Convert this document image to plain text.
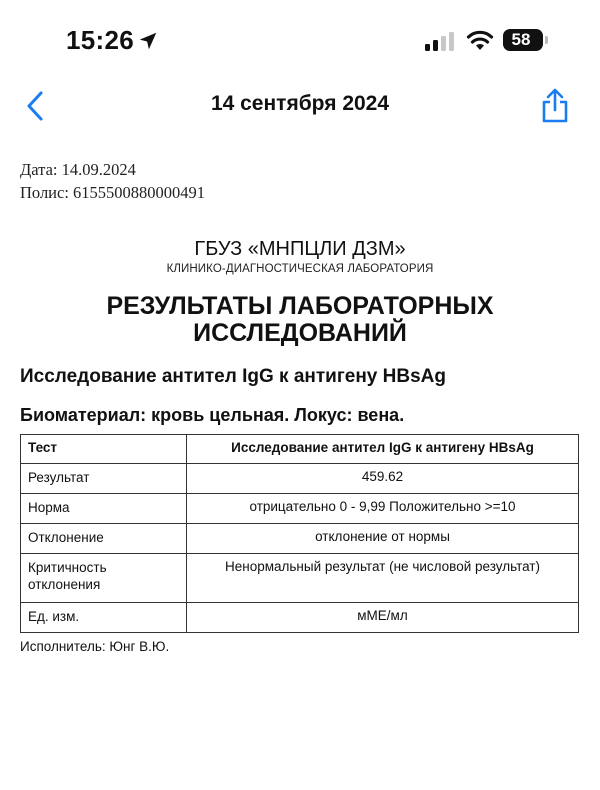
15:26	58
14 сентября 2024
Дата: 14.09.2024
Полис: 6155500880000491
ГБУЗ «МНПЦЛИ ДЗМ»
КЛИНИКО-ДИАГНОСТИЧЕСКАЯ ЛАБОРАТОРИЯ
РЕЗУЛЬТАТЫ ЛАБОРАТОРНЫХ
ИССЛЕДОВАНИЙ
Исследование антител IgG к антигену HBsAg
Биоматериал: кровь цельная. Локус: вена.
Тест	Исследование антител IgG к антигену HBsAg
Результат	459.62
Норма	отрицательно 0 - 9,99 Положительно >=10
Отклонение	отклонение от нормы
Критичность отклонения	Ненормальный результат (не числовой результат)
Ед. изм.	мМЕ/мл
Исполнитель: Юнг В.Ю.
